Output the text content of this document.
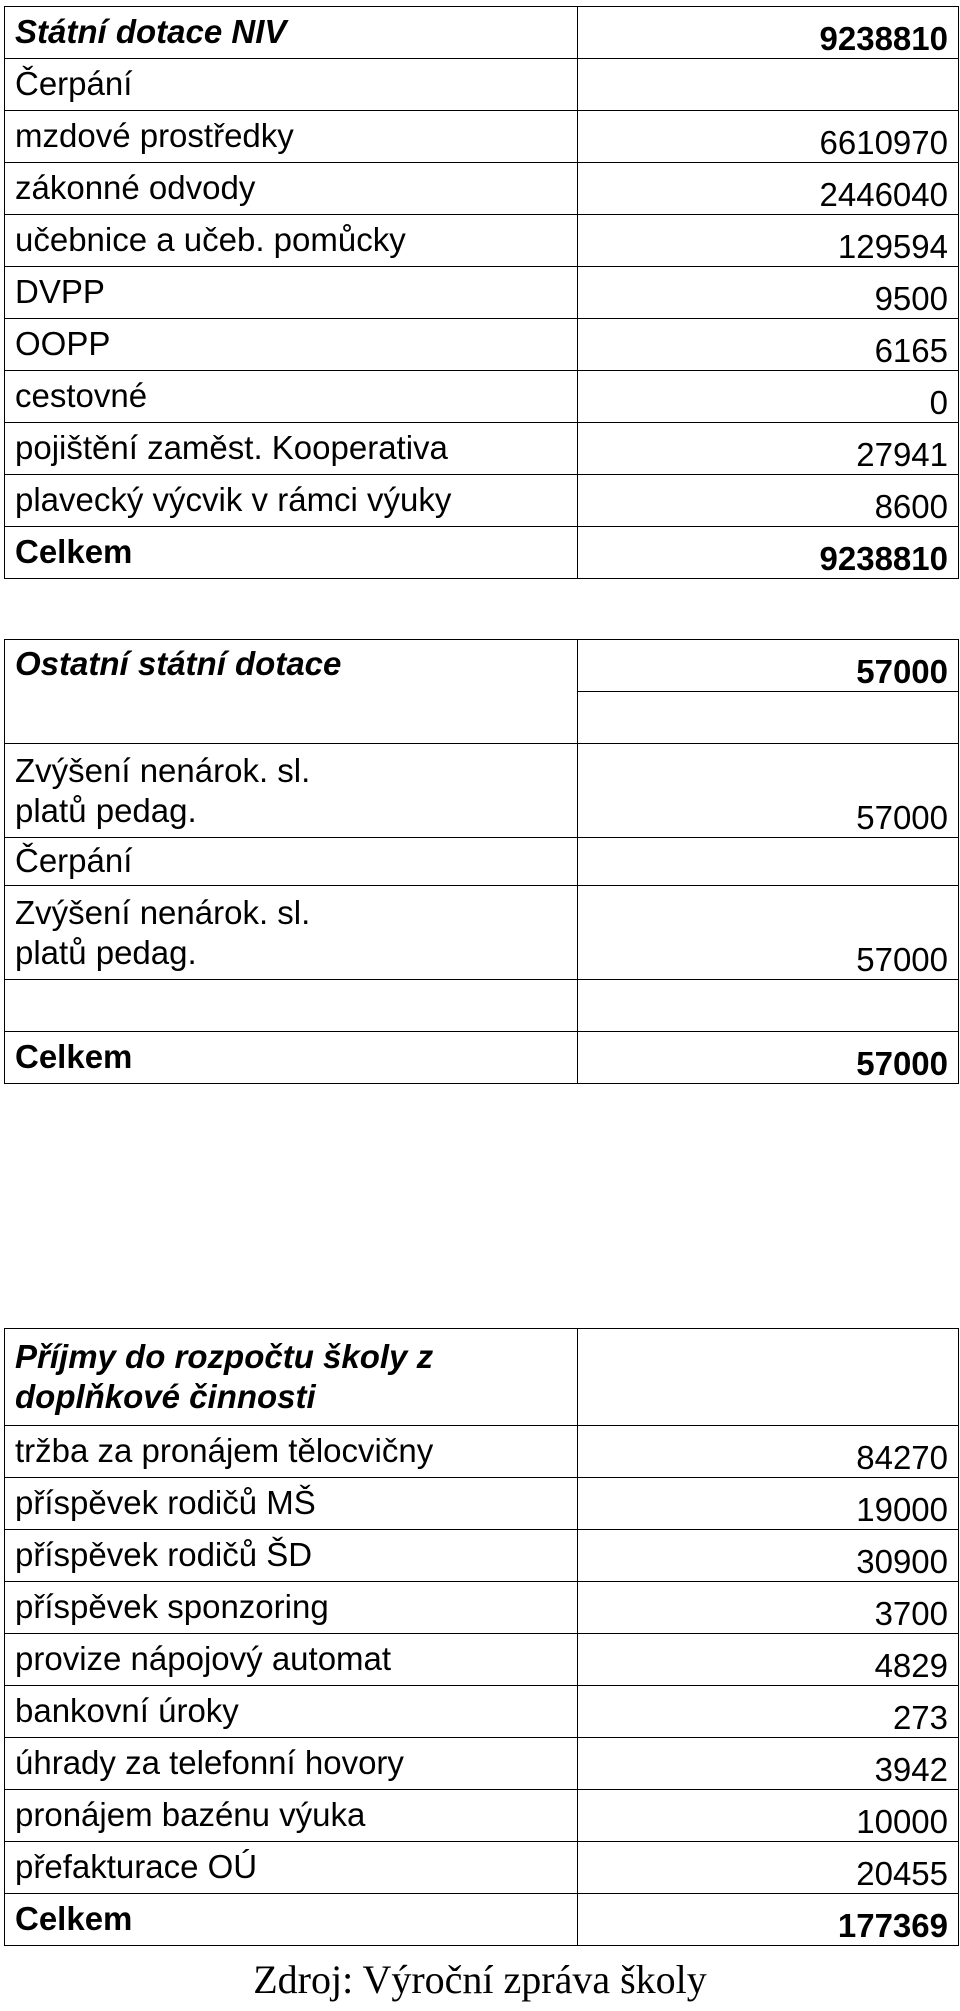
Státní dotace NIV	9238810
Čerpání	
mzdové prostředky	6610970
zákonné odvody	2446040
učebnice a učeb. pomůcky	129594
DVPP	9500
OOPP	6165
cestovné	0
pojištění zaměst. Kooperativa	27941
plavecký výcvik v rámci výuky	8600
Celkem	9238810
Ostatní státní dotace	57000

Zvýšení nenárok. sl. platů pedag.	57000
Čerpání	
Zvýšení nenárok. sl. platů pedag.	57000

Celkem	57000
Příjmy do rozpočtu školy z doplňkové činnosti	
tržba za pronájem tělocvičny	84270
příspěvek rodičů MŠ	19000
příspěvek rodičů ŠD	30900
příspěvek sponzoring	3700
provize nápojový automat	4829
bankovní úroky	273
úhrady za telefonní hovory	3942
pronájem bazénu výuka	10000
přefakturace OÚ	20455
Celkem	177369
Zdroj: Výroční zpráva školy
